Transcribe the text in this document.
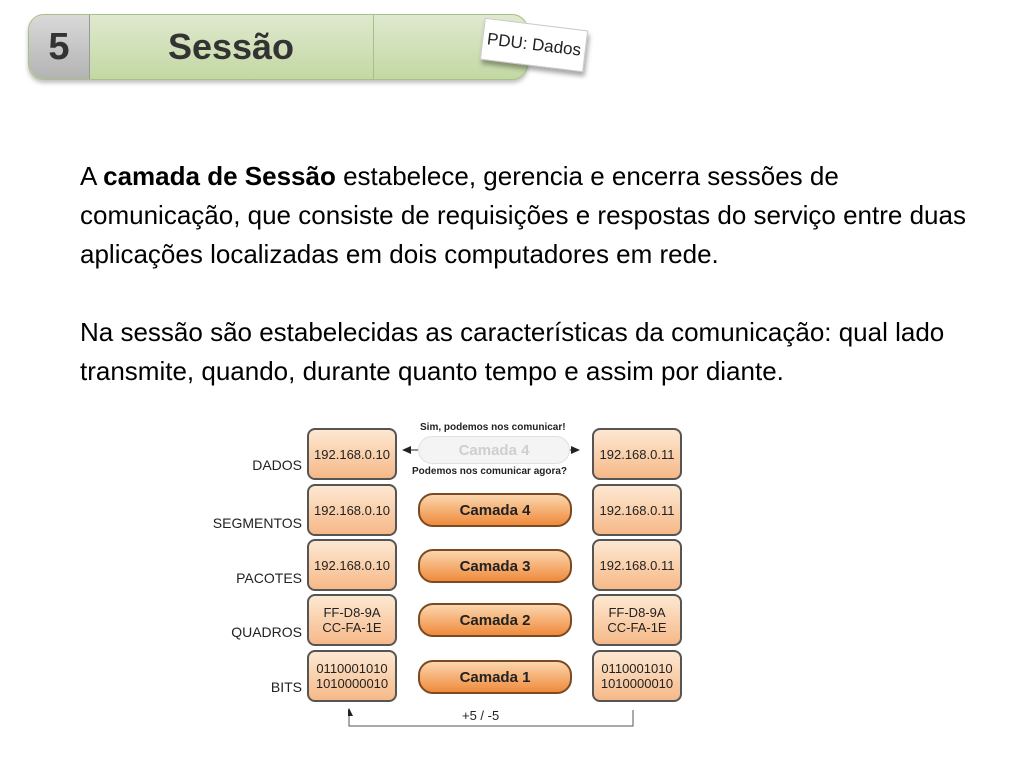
5	Sessão	PDU: Dados
A camada de Sessão estabelece, gerencia e encerra sessões de comunicação, que consiste de requisições e respostas do serviço entre duas aplicações localizadas em dois computadores em rede.
Na sessão são estabelecidas as características da comunicação: qual lado transmite, quando, durante quanto tempo e assim por diante.
DADOS
SEGMENTOS
PACOTES
QUADROS
BITS
192.168.0.10
192.168.0.10
192.168.0.10
FF-D8-9A
CC-FA-1E
0110001010
1010000010
192.168.0.11
192.168.0.11
192.168.0.11
FF-D8-9A
CC-FA-1E
0110001010
1010000010
Sim, podemos nos comunicar!
Camada 4
Podemos nos comunicar agora?
Camada 4
Camada 3
Camada 2
Camada 1
+5 / -5
